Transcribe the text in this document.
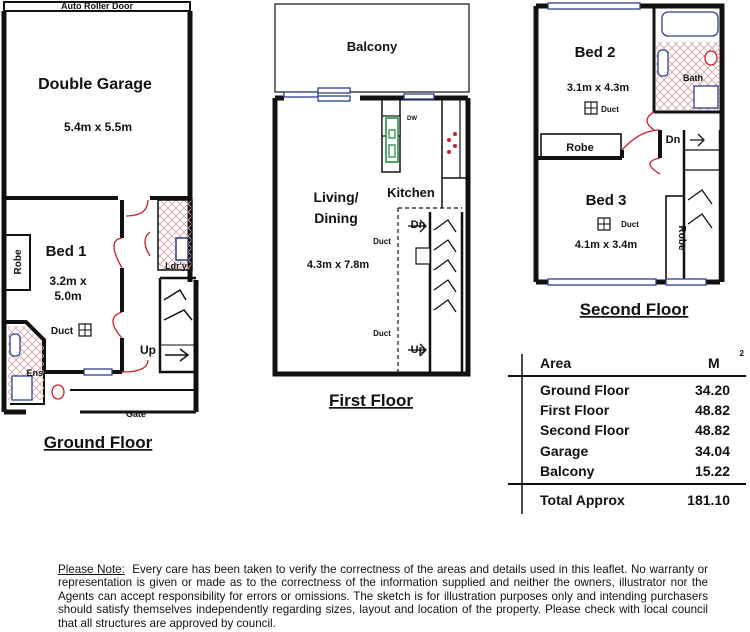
Auto Roller Door
Double Garage
5.4m x 5.5m
Bed 1
3.2m x
5.0m
Robe
Duct
Ens.
Ldr'y
Up
Gate
Ground Floor
Balcony
DW
Living/
Dining
Kitchen
4.3m x 7.8m
Duct
Duct
Dn
Up
First Floor
Bed 2
3.1m x 4.3m
Duct
Bath
Robe
Dn
Bed 3
Duct
4.1m x 3.4m	Robe
Second Floor
Area	M
2
Ground Floor	34.20
First Floor	48.82
Second Floor	48.82
Garage	34.04
Balcony	15.22
Total Approx	181.10
Please Note: Every care has been taken to verify the correctness of the areas and details used in this leaflet. No warranty or representation is given or made as to the correctness of the information supplied and neither the owners, illustrator nor the Agents can accept responsibility for errors or omissions. The sketch is for illustration purposes only and intending purchasers should satisfy themselves independently regarding sizes, layout and location of the property. Please check with local council that all structures are approved by council.
